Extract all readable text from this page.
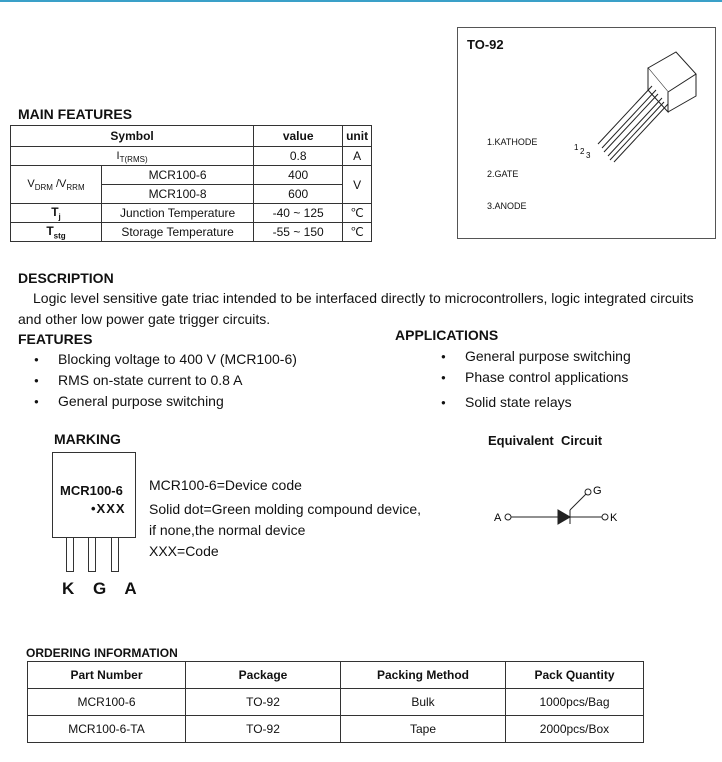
MAIN FEATURES
Symbol		value	unit
$I_{T(RMS)}$		0.8	A
$V_{DRM}$ $/V_{RRM}$	MCR100-6	400	V
	MCR100-8	600	
$T_j$	Junction Temperature	-40 ~ 125	℃
$T_{stg}$	Storage Temperature	-55 ~ 150	℃
TO-92
1.KATHODE
2.GATE
3.ANODE
1 2 3
DESCRIPTION
Logic level sensitive gate triac intended to be interfaced directly to microcontrollers, logic integrated circuits
and other low power gate trigger circuits.
FEATURES
● Blocking voltage to 400 V (MCR100-6)
● RMS on-state current to 0.8 A
● General purpose switching
APPLICATIONS
● General purpose switching
● Phase control applications
● Solid state relays
MARKING
MCR100-6
•XXX
K G A
MCR100-6=Device code
Solid dot=Green molding compound device,
if none,the normal device
XXX=Code
Equivalent  Circuit
A	K
G
ORDERING INFORMATION
Part Number	Package	Packing Method	Pack Quantity
MCR100-6	TO-92	Bulk	1000pcs/Bag
MCR100-6-TA	TO-92	Tape	2000pcs/Box
